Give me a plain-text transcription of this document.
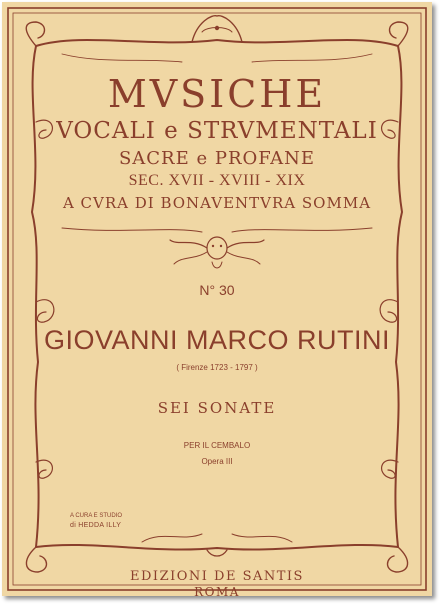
MVSICHE
VOCALI e STRVMENTALI
SACRE e PROFANE
SEC. XVII - XVIII - XIX
A CVRA DI BONAVENTVRA SOMMA
N° 30
GIOVANNI MARCO RUTINI
( Firenze 1723 - 1797 )
SEI SONATE
PER IL CEMBALO
Opera III
A CURA E STUDIO
di HEDDA ILLY
EDIZIONI DE SANTIS
ROMA
